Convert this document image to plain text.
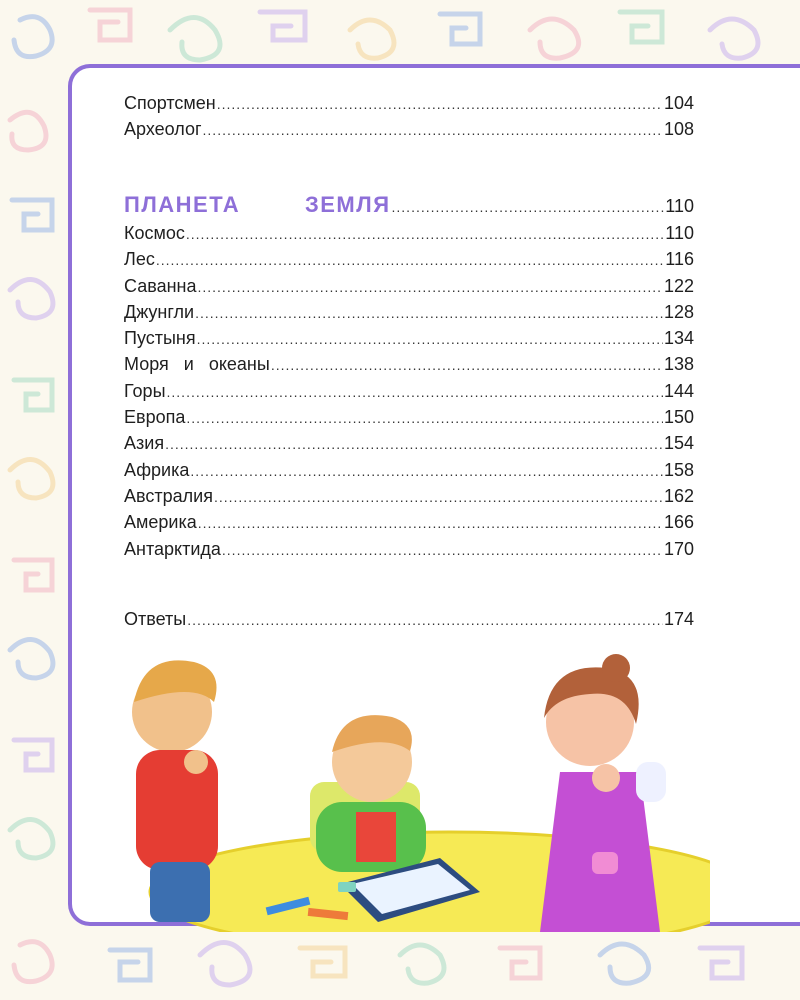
Спортсмен .....	104
Археолог .....	108
ПЛАНЕТА   ЗЕМЛЯ .....	110
Космос .....	110
Лес .....	116
Саванна .....	122
Джунгли .....	128
Пустыня .....	134
Моря   и   океаны .....	138
Горы .....	144
Европа .....	150
Азия .....	154
Африка .....	158
Австралия .....	162
Америка .....	166
Антарктида .....	170
Ответы .....	174
